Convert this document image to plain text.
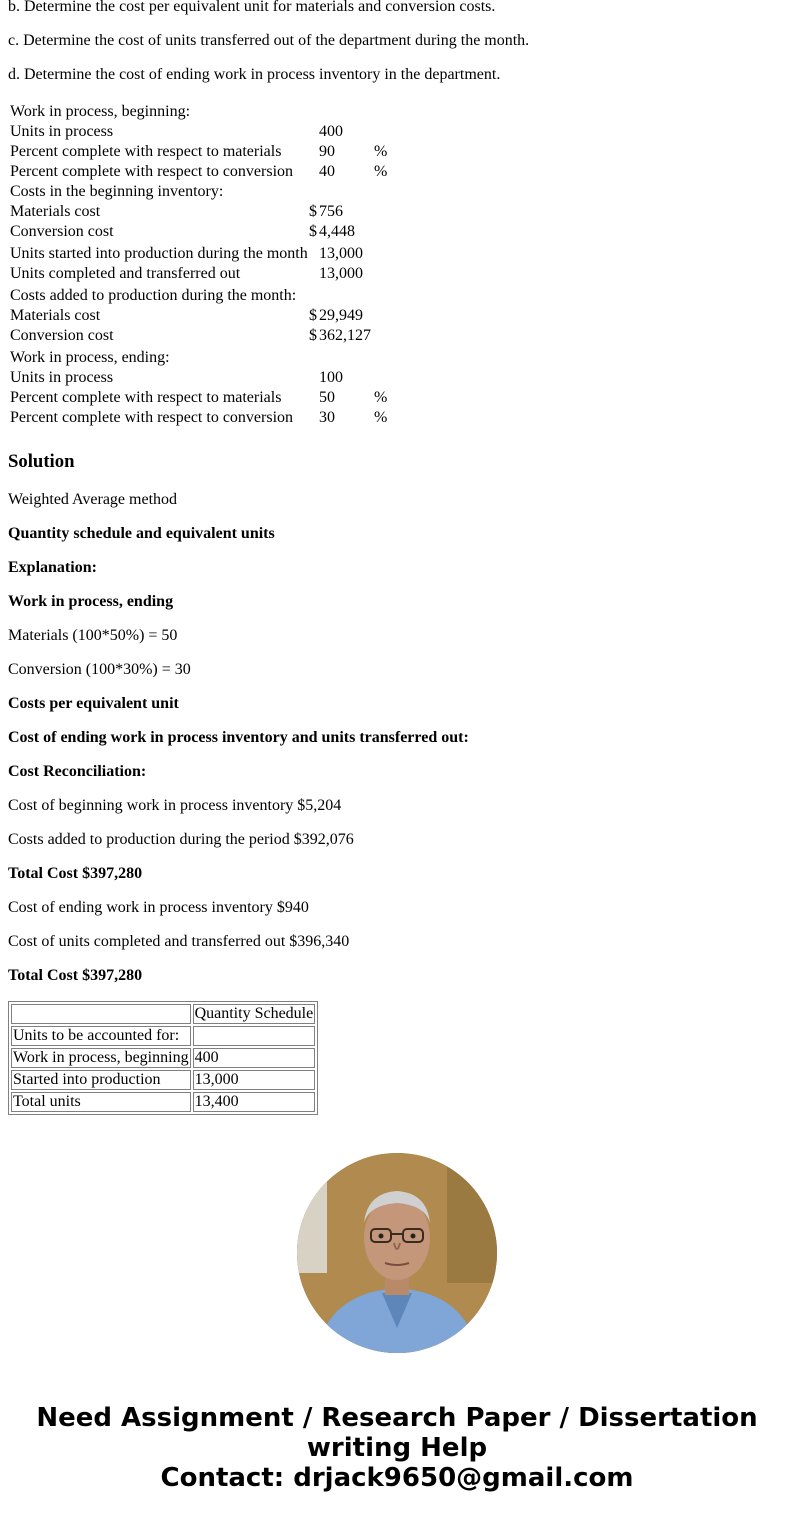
b. Determine the cost per equivalent unit for materials and conversion costs.

c. Determine the cost of units transferred out of the department during the month.

d. Determine the cost of ending work in process inventory in the department.

Work in process, beginning:
Units in process	400
Percent complete with respect to materials 90 %
Percent complete with respect to conversion 40 %
Costs in the beginning inventory:
Materials cost	$ 756
Conversion cost	$ 4,448
Units started into production during the month 13,000
Units completed and transferred out	13,000
Costs added to production during the month:
Materials cost	$ 29,949
Conversion cost	$ 362,127
Work in process, ending:
Units in process	100
Percent complete with respect to materials 50 %
Percent complete with respect to conversion 30 %
Solution

Weighted Average method

Quantity schedule and equivalent units

Explanation:

Work in process, ending

Materials (100*50%) = 50

Conversion (100*30%) = 30

Costs per equivalent unit

Cost of ending work in process inventory and units transferred out:

Cost Reconciliation:

Cost of beginning work in process inventory $5,204

Costs added to production during the period $392,076

Total Cost $397,280

Cost of ending work in process inventory $940

Cost of units completed and transferred out $396,340

Total Cost $397,280

	Quantity Schedule
Units to be accounted for:	
Work in process, beginning	400
Started into production	13,000
Total units	13,400
Need Assignment / Research Paper / Dissertation
writing Help
Contact: drjack9650@gmail.com
